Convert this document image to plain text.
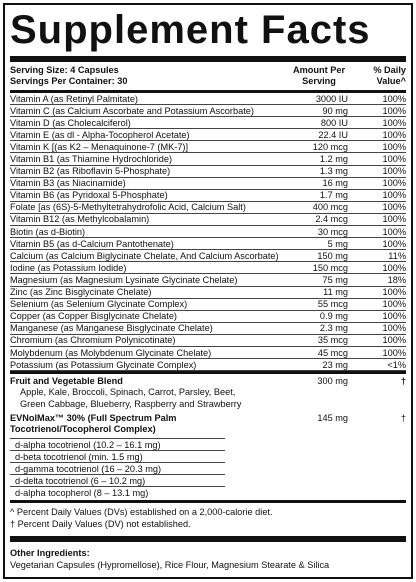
Supplement Facts
Serving Size: 4 Capsules
Servings Per Container: 30
Amount Per
Serving
% Daily
Value^
Vitamin A (as Retinyl Palmitate)	3000 IU	100%
Vitamin C (as Calcium Ascorbate and Potassium Ascorbate)	90 mg	100%
Vitamin D (as Cholecalciferol)	800 IU	100%
Vitamin E (as dl - Alpha-Tocopherol Acetate)	22.4 IU	100%
Vitamin K [(as K2 – Menaquinone-7 (MK-7)]	120 mcg	100%
Vitamin B1 (as Thiamine Hydrochloride)	1.2 mg	100%
Vitamin B2 (as Riboflavin 5-Phosphate)	1.3 mg	100%
Vitamin B3 (as Niacinamide)	16 mg	100%
Vitamin B6 (as Pyridoxal 5-Phosphate)	1.7 mg	100%
Folate [as (6S)-5-Methyltetrahydrofolic Acid, Calcium Salt)	400 mcg	100%
Vitamin B12 (as Methylcobalamin)	2.4 mcg	100%
Biotin (as d-Biotin)	30 mcg	100%
Vitamin B5 (as d-Calcium Pantothenate)	5 mg	100%
Calcium (as Calcium Biglycinate Chelate, And Calcium Ascorbate)	150 mg	11%
Iodine (as Potassium Iodide)	150 mcg	100%
Magnesium (as Magnesium Lysinate Glycinate Chelate)	75 mg	18%
Zinc (as Zinc Bisglycinate Chelate)	11 mg	100%
Selenium (as Selenium Glycinate Complex)	55 mcg	100%
Copper (as Copper Bisglycinate Chelate)	0.9 mg	100%
Manganese (as Manganese Bisglycinate Chelate)	2.3 mg	100%
Chromium (as Chromium Polynicotinate)	35 mcg	100%
Molybdenum (as Molybdenum Glycinate Chelate)	45 mcg	100%
Potassium (as Potassium Glycinate Complex)	23 mg	<1%
Fruit and Vegetable Blend	300 mg	†
Apple, Kale, Broccoli, Spinach, Carrot, Parsley, Beet,
Green Cabbage, Blueberry, Raspberry and Strawberry
EVNolMax™ 30% (Full Spectrum Palm	145 mg	†
Tocotrienol/Tocopherol Complex)
d-alpha tocotrienol (10.2 – 16.1 mg)
d-beta tocotrienol (min. 1.5 mg)
d-gamma tocotrienol (16 – 20.3 mg)
d-delta tocotrienol (6 – 10.2 mg)
d-alpha tocopherol (8 – 13.1 mg)
^ Percent Daily Values (DVs) established on a 2,000-calorie diet.
† Percent Daily Values (DV) not established.
Other Ingredients:
Vegetarian Capsules (Hypromellose), Rice Flour, Magnesium Stearate & Silica
